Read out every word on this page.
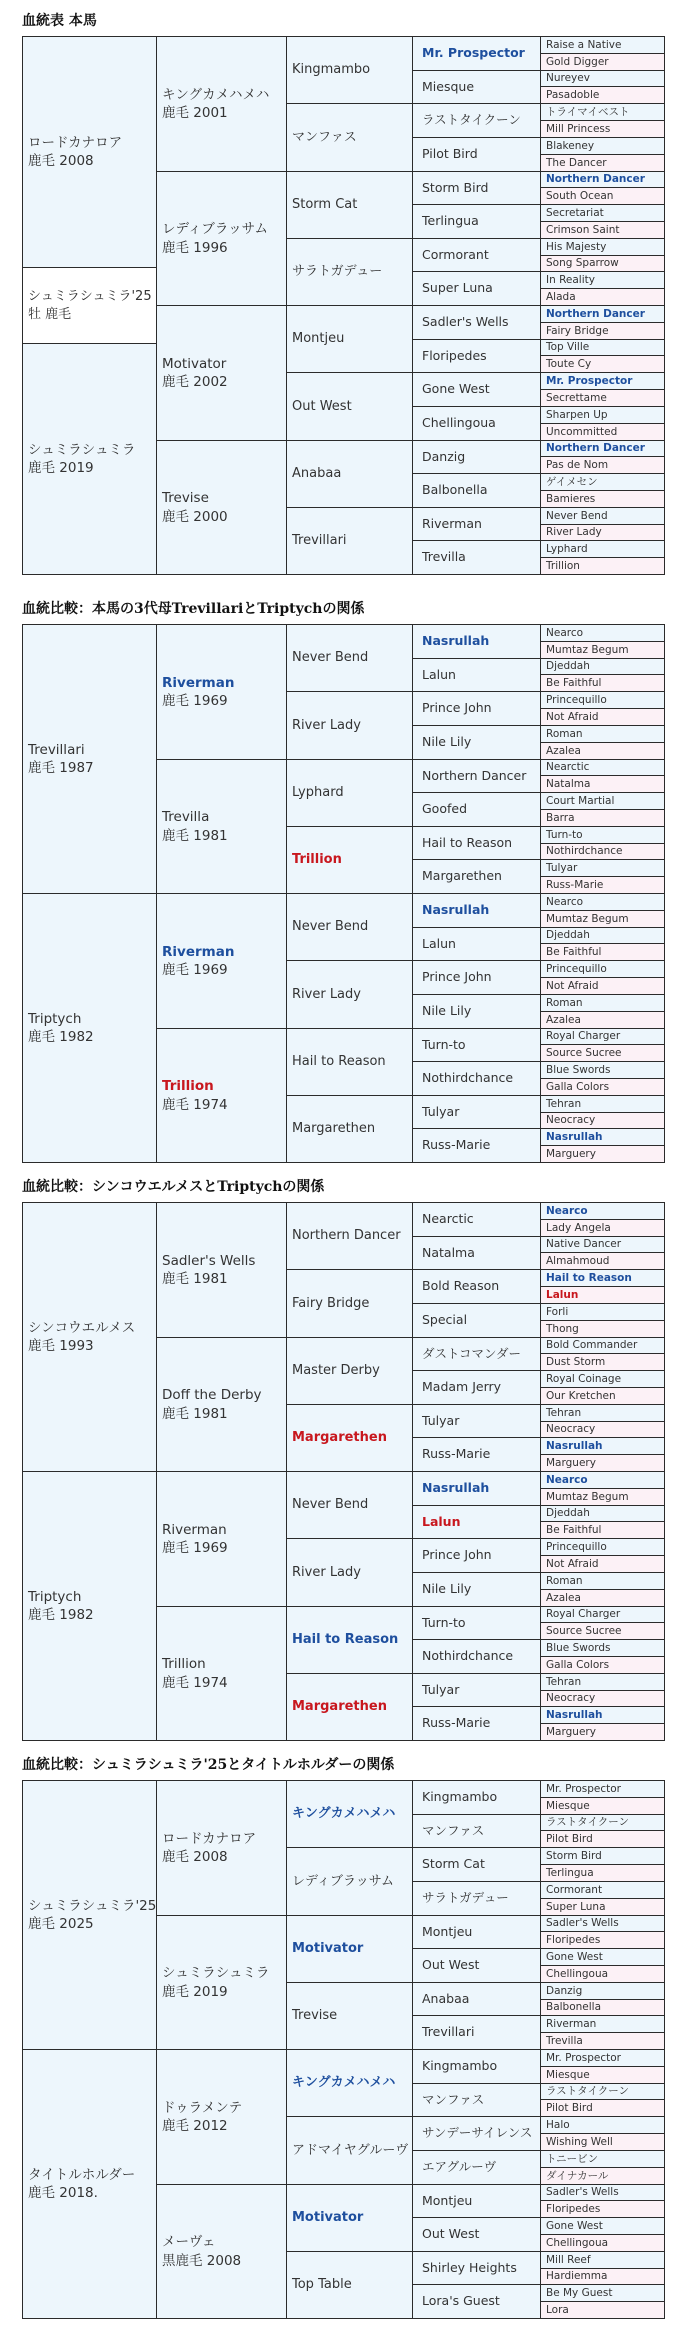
血統表 本馬
ロードカナロア
鹿毛 2008
シュミラシュミラ
鹿毛 2019
キングカメハメハ
鹿毛 2001
レディブラッサム
鹿毛 1996
Motivator
鹿毛 2002
Trevise
鹿毛 2000
Kingmambo
マンファス
Storm Cat
サラトガデュー
Montjeu
Out West
Anabaa
Trevillari
Mr. Prospector
Miesque
ラストタイクーン
Pilot Bird
Storm Bird
Terlingua
Cormorant
Super Luna
Sadler's Wells
Floripedes
Gone West
Chellingoua
Danzig
Balbonella
Riverman
Trevilla
Raise a Native
Gold Digger
Nureyev
Pasadoble
トライマイベスト
Mill Princess
Blakeney
The Dancer
Northern Dancer
South Ocean
Secretariat
Crimson Saint
His Majesty
Song Sparrow
In Reality
Alada
Northern Dancer
Fairy Bridge
Top Ville
Toute Cy
Mr. Prospector
Secrettame
Sharpen Up
Uncommitted
Northern Dancer
Pas de Nom
ゲイメセン
Bamieres
Never Bend
River Lady
Lyphard
Trillion
シュミラシュミラ'25
牡 鹿毛
血統比較：本馬の3代母TrevillariとTriptychの関係
Trevillari
鹿毛 1987
Triptych
鹿毛 1982
Riverman
鹿毛 1969
Trevilla
鹿毛 1981
Riverman
鹿毛 1969
Trillion
鹿毛 1974
Never Bend
River Lady
Lyphard
Trillion
Never Bend
River Lady
Hail to Reason
Margarethen
Nasrullah
Lalun
Prince John
Nile Lily
Northern Dancer
Goofed
Hail to Reason
Margarethen
Nasrullah
Lalun
Prince John
Nile Lily
Turn-to
Nothirdchance
Tulyar
Russ-Marie
Nearco
Mumtaz Begum
Djeddah
Be Faithful
Princequillo
Not Afraid
Roman
Azalea
Nearctic
Natalma
Court Martial
Barra
Turn-to
Nothirdchance
Tulyar
Russ-Marie
Nearco
Mumtaz Begum
Djeddah
Be Faithful
Princequillo
Not Afraid
Roman
Azalea
Royal Charger
Source Sucree
Blue Swords
Galla Colors
Tehran
Neocracy
Nasrullah
Marguery
血統比較：シンコウエルメスとTriptychの関係
シンコウエルメス
鹿毛 1993
Triptych
鹿毛 1982
Sadler's Wells
鹿毛 1981
Doff the Derby
鹿毛 1981
Riverman
鹿毛 1969
Trillion
鹿毛 1974
Northern Dancer
Fairy Bridge
Master Derby
Margarethen
Never Bend
River Lady
Hail to Reason
Margarethen
Nearctic
Natalma
Bold Reason
Special
ダストコマンダー
Madam Jerry
Tulyar
Russ-Marie
Nasrullah
Lalun
Prince John
Nile Lily
Turn-to
Nothirdchance
Tulyar
Russ-Marie
Nearco
Lady Angela
Native Dancer
Almahmoud
Hail to Reason
Lalun
Forli
Thong
Bold Commander
Dust Storm
Royal Coinage
Our Kretchen
Tehran
Neocracy
Nasrullah
Marguery
Nearco
Mumtaz Begum
Djeddah
Be Faithful
Princequillo
Not Afraid
Roman
Azalea
Royal Charger
Source Sucree
Blue Swords
Galla Colors
Tehran
Neocracy
Nasrullah
Marguery
血統比較：シュミラシュミラ'25とタイトルホルダーの関係
シュミラシュミラ'25
鹿毛 2025
タイトルホルダー
鹿毛 2018.
ロードカナロア
鹿毛 2008
シュミラシュミラ
鹿毛 2019
ドゥラメンテ
鹿毛 2012
メーヴェ
黒鹿毛 2008
キングカメハメハ
レディブラッサム
Motivator
Trevise
キングカメハメハ
アドマイヤグルーヴ
Motivator
Top Table
Kingmambo
マンファス
Storm Cat
サラトガデュー
Montjeu
Out West
Anabaa
Trevillari
Kingmambo
マンファス
サンデーサイレンス
エアグルーヴ
Montjeu
Out West
Shirley Heights
Lora's Guest
Mr. Prospector
Miesque
ラストタイクーン
Pilot Bird
Storm Bird
Terlingua
Cormorant
Super Luna
Sadler's Wells
Floripedes
Gone West
Chellingoua
Danzig
Balbonella
Riverman
Trevilla
Mr. Prospector
Miesque
ラストタイクーン
Pilot Bird
Halo
Wishing Well
トニービン
ダイナカール
Sadler's Wells
Floripedes
Gone West
Chellingoua
Mill Reef
Hardiemma
Be My Guest
Lora
